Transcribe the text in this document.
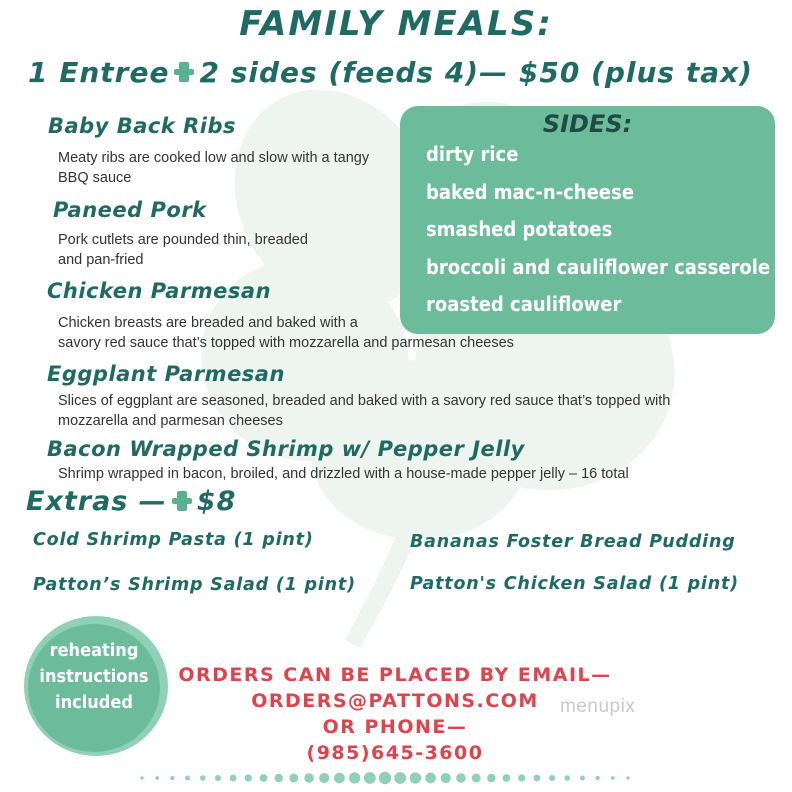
FAMILY MEALS:
1 Entree 2 sides (feeds 4)— $50 (plus tax)
Baby Back Ribs
Meaty ribs are cooked low and slow with a tangy
BBQ sauce
Paneed Pork
Pork cutlets are pounded thin, breaded
and pan-fried
Chicken Parmesan
Chicken breasts are breaded and baked with a
savory red sauce that’s topped with mozzarella and parmesan cheeses
Eggplant Parmesan
Slices of eggplant are seasoned, breaded and baked with a savory red sauce that’s topped with
mozzarella and parmesan cheeses
Bacon Wrapped Shrimp w/ Pepper Jelly
Shrimp wrapped in bacon, broiled, and drizzled with a house-made pepper jelly – 16 total
SIDES:
dirty rice
baked mac-n-cheese
smashed potatoes
broccoli and cauliflower casserole
roasted cauliflower
Extras — $8
Cold Shrimp Pasta (1 pint)	Bananas Foster Bread Pudding
Patton’s Shrimp Salad (1 pint)	Patton's Chicken Salad (1 pint)
reheating
instructions
included
ORDERS CAN BE PLACED BY EMAIL—
ORDERS@PATTONS.COM
OR PHONE—
(985)645-3600
menupix
